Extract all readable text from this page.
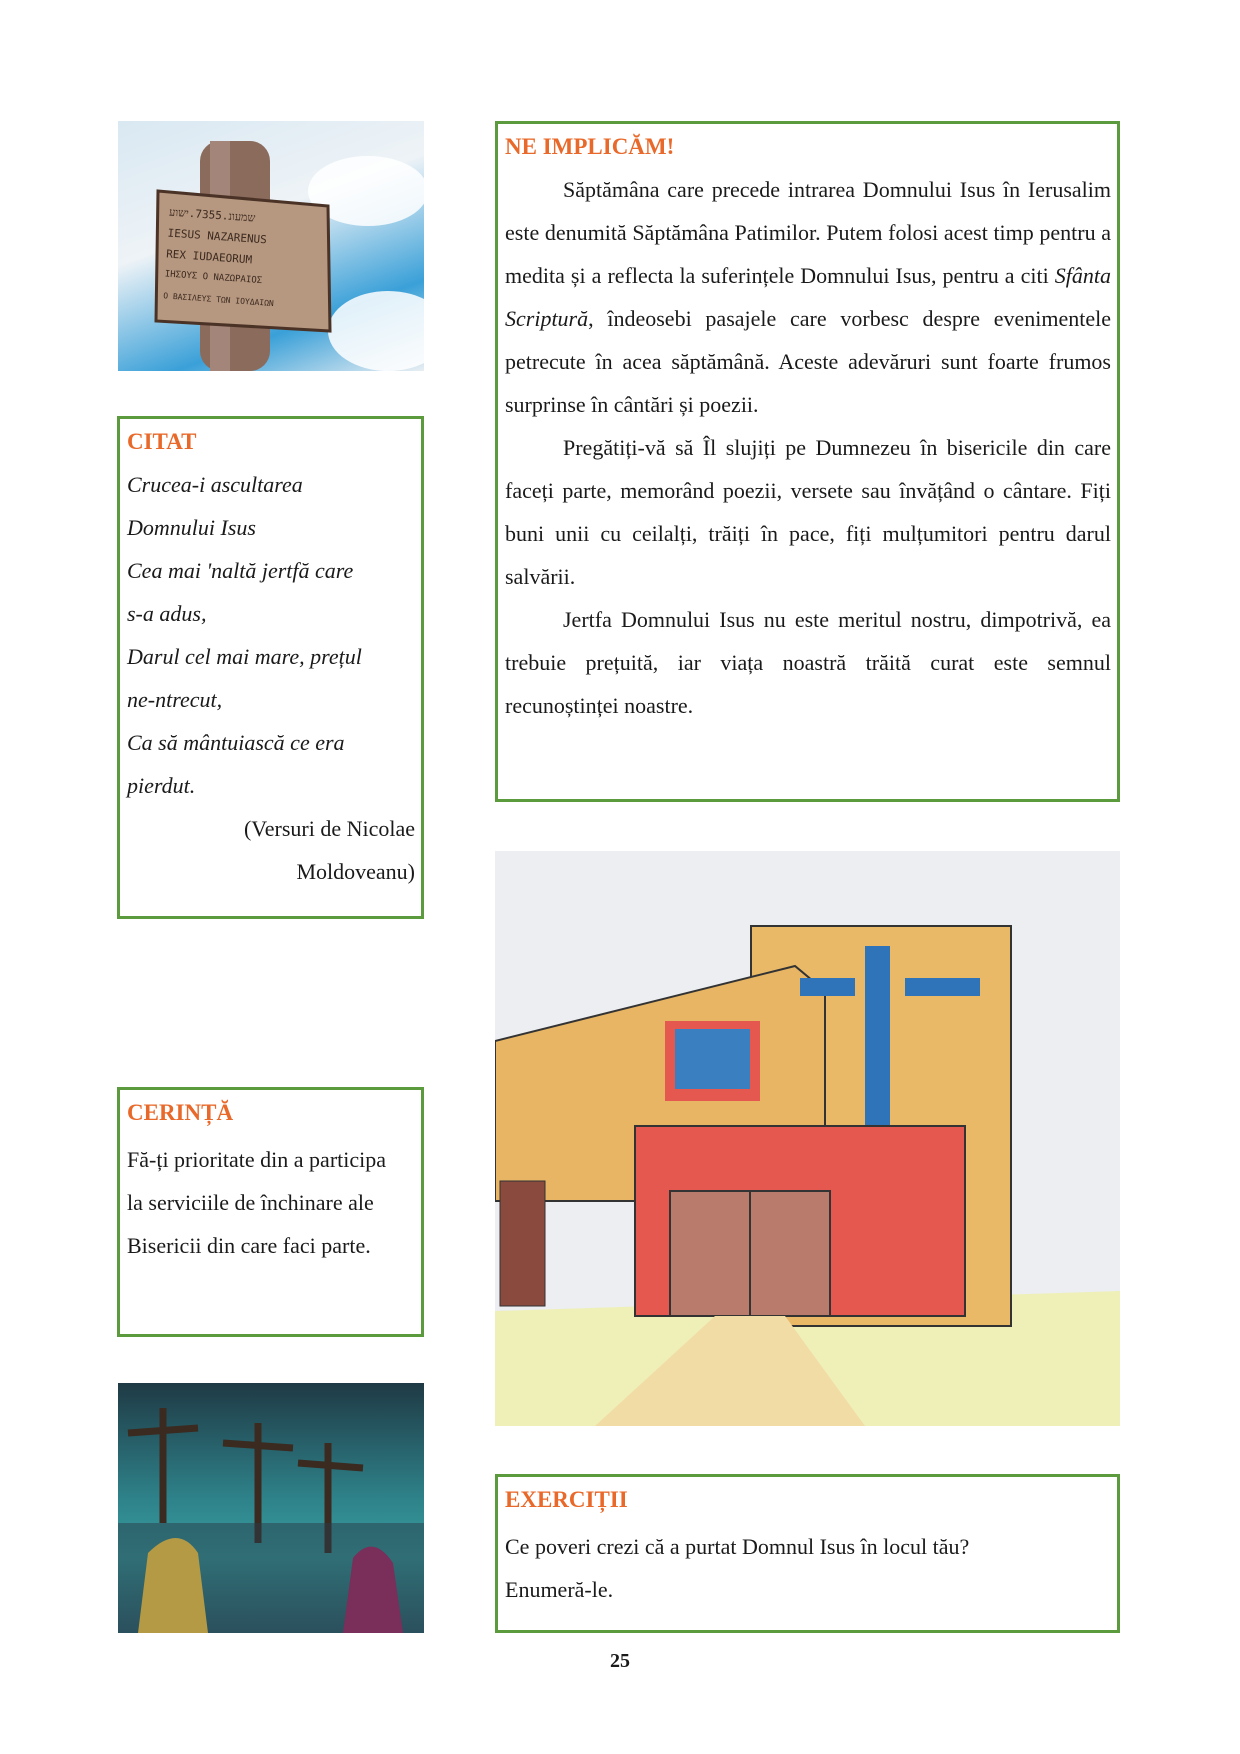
שמעונ.7355.ישוע
IESUS NAZARENUS
REX IUDAEORUM
ΙΗΣΟΥΣ Ο ΝΑΖΩΡΑΙΟΣ
Ο ΒΑΣΙΛΕΥΣ ΤΩΝ ΙΟΥΔΑΙΩΝ
CITAT
Crucea-i ascultarea
Domnului Isus
Cea mai 'naltă jertfă care
s-a adus,
Darul cel mai mare, prețul
ne-ntrecut,
Ca să mântuiască ce era
pierdut.
(Versuri de Nicolae Moldoveanu)
NE IMPLICĂM!

Săptămâna care precede intrarea Domnului Isus în Ierusalim este denumită Săptămâna Patimilor. Putem folosi acest timp pentru a medita și a reflecta la suferințele Domnului Isus, pentru a citi Sfânta Scriptură, îndeosebi pasajele care vorbesc despre evenimentele petrecute în acea săptămână. Aceste adevăruri sunt foarte frumos surprinse în cântări și poezii.

Pregătiți-vă să Îl slujiți pe Dumnezeu în bisericile din care faceți parte, memorând poezii, versete sau învățând o cântare. Fiți buni unii cu ceilalți, trăiți în pace, fiți mulțumitori pentru darul salvării.

Jertfa Domnului Isus nu este meritul nostru, dimpotrivă, ea trebuie prețuită, iar viața noastră trăită curat este semnul recunoștinței noastre.

CERINȚĂ

Fă-ți prioritate din a participa la serviciile de închinare ale Bisericii din care faci parte.

EXERCIȚII

Ce poveri crezi că a purtat Domnul Isus în locul tău? Enumeră-le.

25
